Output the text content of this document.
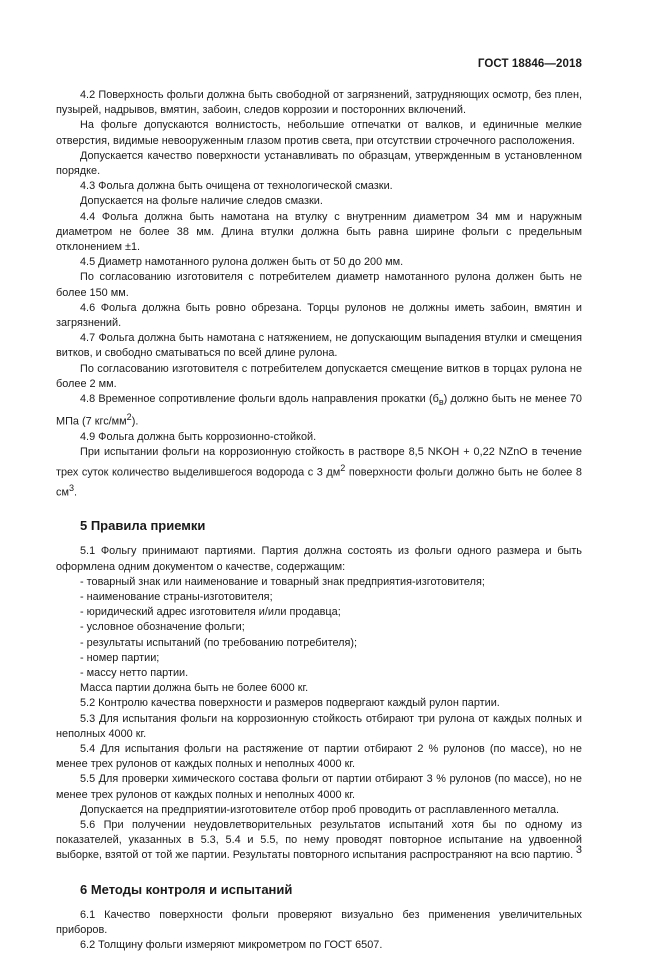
ГОСТ 18846—2018

4.2 Поверхность фольги должна быть свободной от загрязнений, затрудняющих осмотр, без плен, пузырей, надрывов, вмятин, забоин, следов коррозии и посторонних включений.

На фольге допускаются волнистость, небольшие отпечатки от валков, и единичные мелкие отверстия, видимые невооруженным глазом против света, при отсутствии строчечного расположения.

Допускается качество поверхности устанавливать по образцам, утвержденным в установленном порядке.

4.3 Фольга должна быть очищена от технологической смазки.

Допускается на фольге наличие следов смазки.

4.4 Фольга должна быть намотана на втулку с внутренним диаметром 34 мм и наружным диаметром не более 38 мм. Длина втулки должна быть равна ширине фольги с предельным отклонением ±1.

4.5 Диаметр намотанного рулона должен быть от 50 до 200 мм.

По согласованию изготовителя с потребителем диаметр намотанного рулона должен быть не более 150 мм.

4.6 Фольга должна быть ровно обрезана. Торцы рулонов не должны иметь забоин, вмятин и загрязнений.

4.7 Фольга должна быть намотана с натяжением, не допускающим выпадения втулки и смещения витков, и свободно сматываться по всей длине рулона.

По согласованию изготовителя с потребителем допускается смещение витков в торцах рулона не более 2 мм.

4.8 Временное сопротивление фольги вдоль направления прокатки $(б_в)$ должно быть не менее 70 МПа (7 кгс/$мм^2$).

4.9 Фольга должна быть коррозионно-стойкой.

При испытании фольги на коррозионную стойкость в растворе 8,5 NKOH + 0,22 NZnO в течение трех суток количество выделившегося водорода с 3 $дм^2$ поверхности фольги должно быть не более 8 $см^3$.

5 Правила приемки

5.1 Фольгу принимают партиями. Партия должна состоять из фольги одного размера и быть оформлена одним документом о качестве, содержащим:

- товарный знак или наименование и товарный знак предприятия-изготовителя;
- наименование страны-изготовителя;
- юридический адрес изготовителя и/или продавца;
- условное обозначение фольги;
- результаты испытаний (по требованию потребителя);
- номер партии;
- массу нетто партии.

Масса партии должна быть не более 6000 кг.

5.2 Контролю качества поверхности и размеров подвергают каждый рулон партии.

5.3 Для испытания фольги на коррозионную стойкость отбирают три рулона от каждых полных и неполных 4000 кг.

5.4 Для испытания фольги на растяжение от партии отбирают 2 % рулонов (по массе), но не менее трех рулонов от каждых полных и неполных 4000 кг.

5.5 Для проверки химического состава фольги от партии отбирают 3 % рулонов (по массе), но не менее трех рулонов от каждых полных и неполных 4000 кг.

Допускается на предприятии-изготовителе отбор проб проводить от расплавленного металла.

5.6 При получении неудовлетворительных результатов испытаний хотя бы по одному из показателей, указанных в 5.3, 5.4 и 5.5, по нему проводят повторное испытание на удвоенной выборке, взятой от той же партии. Результаты повторного испытания распространяют на всю партию.

6 Методы контроля и испытаний

6.1 Качество поверхности фольги проверяют визуально без применения увеличительных приборов.

6.2 Толщину фольги измеряют микрометром по ГОСТ 6507.

3
